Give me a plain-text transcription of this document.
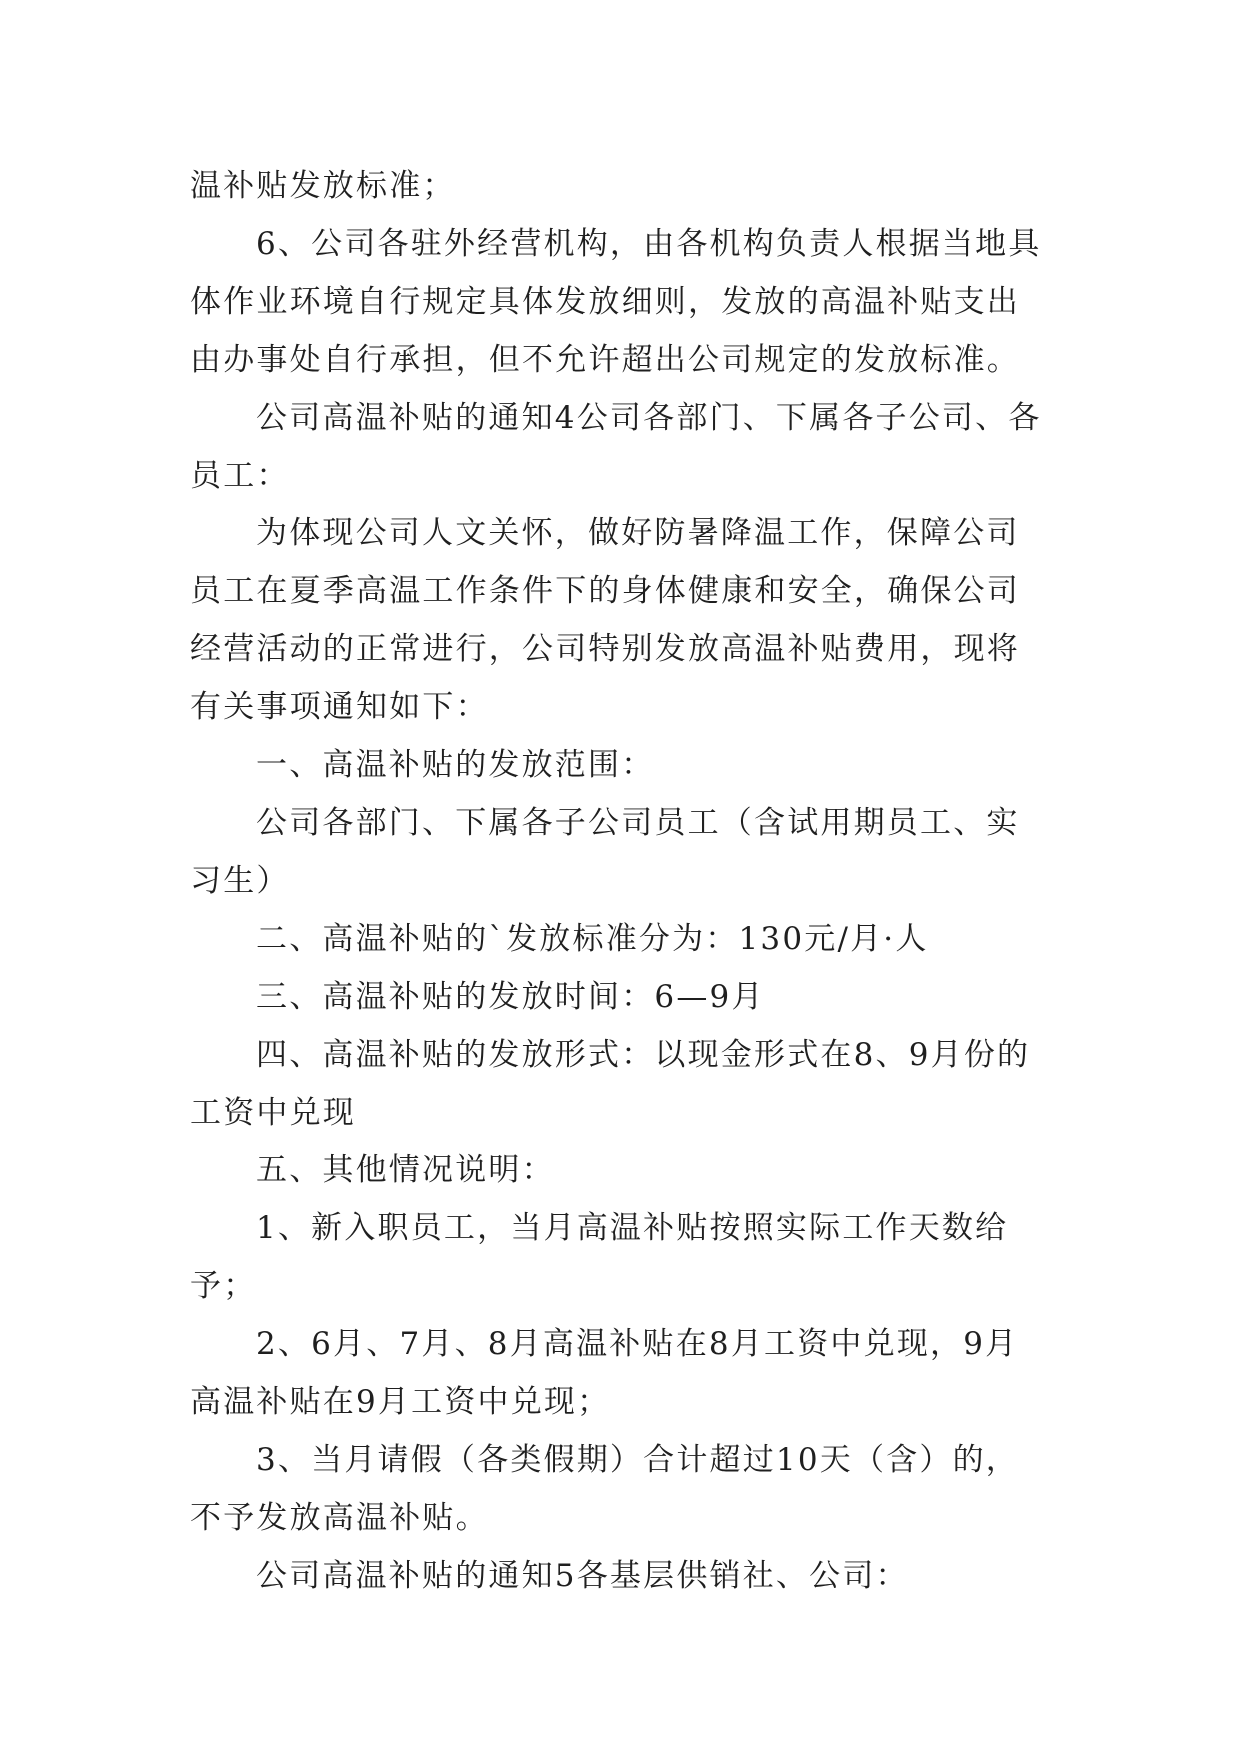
温补贴发放标准；

6、公司各驻外经营机构，由各机构负责人根据当地具体作业环境自行规定具体发放细则，发放的高温补贴支出由办事处自行承担，但不允许超出公司规定的发放标准。

公司高温补贴的通知4公司各部门、下属各子公司、各员工：

为体现公司人文关怀，做好防暑降温工作，保障公司员工在夏季高温工作条件下的身体健康和安全，确保公司经营活动的正常进行，公司特别发放高温补贴费用，现将有关事项通知如下：

一、高温补贴的发放范围：

公司各部门、下属各子公司员工（含试用期员工、实习生）

二、高温补贴的`发放标准分为：130元/月·人

三、高温补贴的发放时间：6—9月

四、高温补贴的发放形式：以现金形式在8、9月份的工资中兑现

五、其他情况说明：

1、新入职员工，当月高温补贴按照实际工作天数给予；

2、6月、7月、8月高温补贴在8月工资中兑现，9月高温补贴在9月工资中兑现；

3、当月请假（各类假期）合计超过10天（含）的，不予发放高温补贴。

公司高温补贴的通知5各基层供销社、公司：
